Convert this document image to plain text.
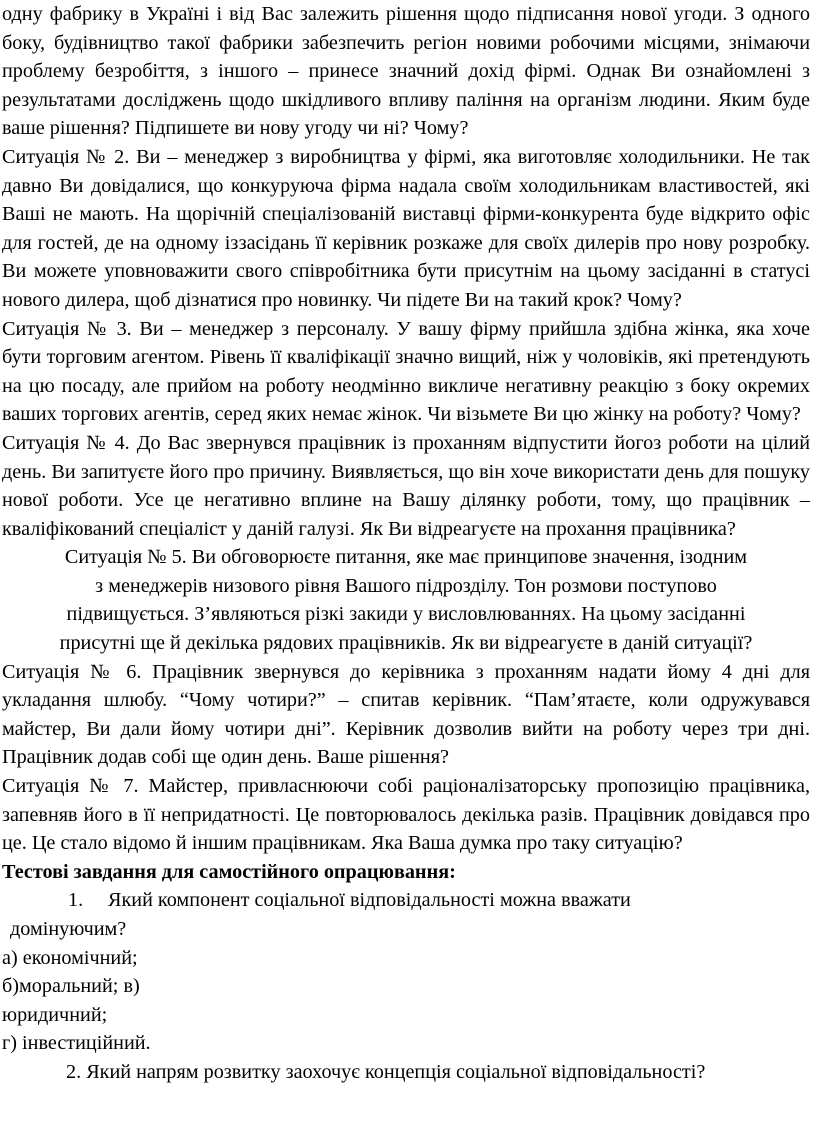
одну фабрику в Україні і від Вас залежить рішення щодо підписання нової угоди. З одного боку, будівництво такої фабрики забезпечить регіон новими робочими місцями, знімаючи проблему безробіття, з іншого – принесе значний дохід фірмі. Однак Ви ознайомлені з результатами досліджень щодо шкідливого впливу паління на організм людини. Яким буде ваше рішення? Підпишете ви нову угоду чи ні? Чому?

Ситуація № 2. Ви – менеджер з виробництва у фірмі, яка виготовляє холодильники. Не так давно Ви довідалися, що конкуруюча фірма надала своїм холодильникам властивостей, які Ваші не мають. На щорічній спеціалізованій виставці фірми-конкурента буде відкрито офіс для гостей, де на одному іззасідань її керівник розкаже для своїх дилерів про нову розробку. Ви можете уповноважити свого співробітника бути присутнім на цьому засіданні в статусі нового дилера, щоб дізнатися про новинку. Чи підете Ви на такий крок? Чому?

Ситуація № 3. Ви – менеджер з персоналу. У вашу фірму прийшла здібна жінка, яка хоче бути торговим агентом. Рівень її кваліфікації значно вищий, ніж у чоловіків, які претендують на цю посаду, але прийом на роботу неодмінно викличе негативну реакцію з боку окремих ваших торгових агентів, серед яких немає жінок. Чи візьмете Ви цю жінку на роботу? Чому?

Ситуація № 4. До Вас звернувся працівник із проханням відпустити йогоз роботи на цілий день. Ви запитуєте його про причину. Виявляється, що він хоче використати день для пошуку нової роботи. Усе це негативно вплине на Вашу ділянку роботи, тому, що працівник – кваліфікований спеціаліст у даній галузі. Як Ви відреагуєте на прохання працівника?

Ситуація № 5. Ви обговорюєте питання, яке має принципове значення, ізодним

з менеджерів низового рівня Вашого підрозділу. Тон розмови поступово

підвищується. З’являються різкі закиди у висловлюваннях. На цьому засіданні

присутні ще й декілька рядових працівників. Як ви відреагуєте в даній ситуації?

Ситуація № 6. Працівник звернувся до керівника з проханням надати йому 4 дні для укладання шлюбу. “Чому чотири?” – спитав керівник. “Пам’ятаєте, коли одружувався майстер, Ви дали йому чотири дні”. Керівник дозволив вийти на роботу через три дні. Працівник додав собі ще один день. Ваше рішення?

Ситуація № 7. Майстер, привласнюючи собі раціоналізаторську пропозицію працівника, запевняв його в її непридатності. Це повторювалось декілька разів. Працівник довідався про це. Це стало відомо й іншим працівникам. Яка Ваша думка про таку ситуацію?

Тестові завдання для самостійного опрацювання:

1. Який компонент соціальної відповідальності можна вважати

домінуючим?

а) економічний;

б)моральний; в)

юридичний;

г) інвестиційний.

2. Який напрям розвитку заохочує концепція соціальної відповідальності?
